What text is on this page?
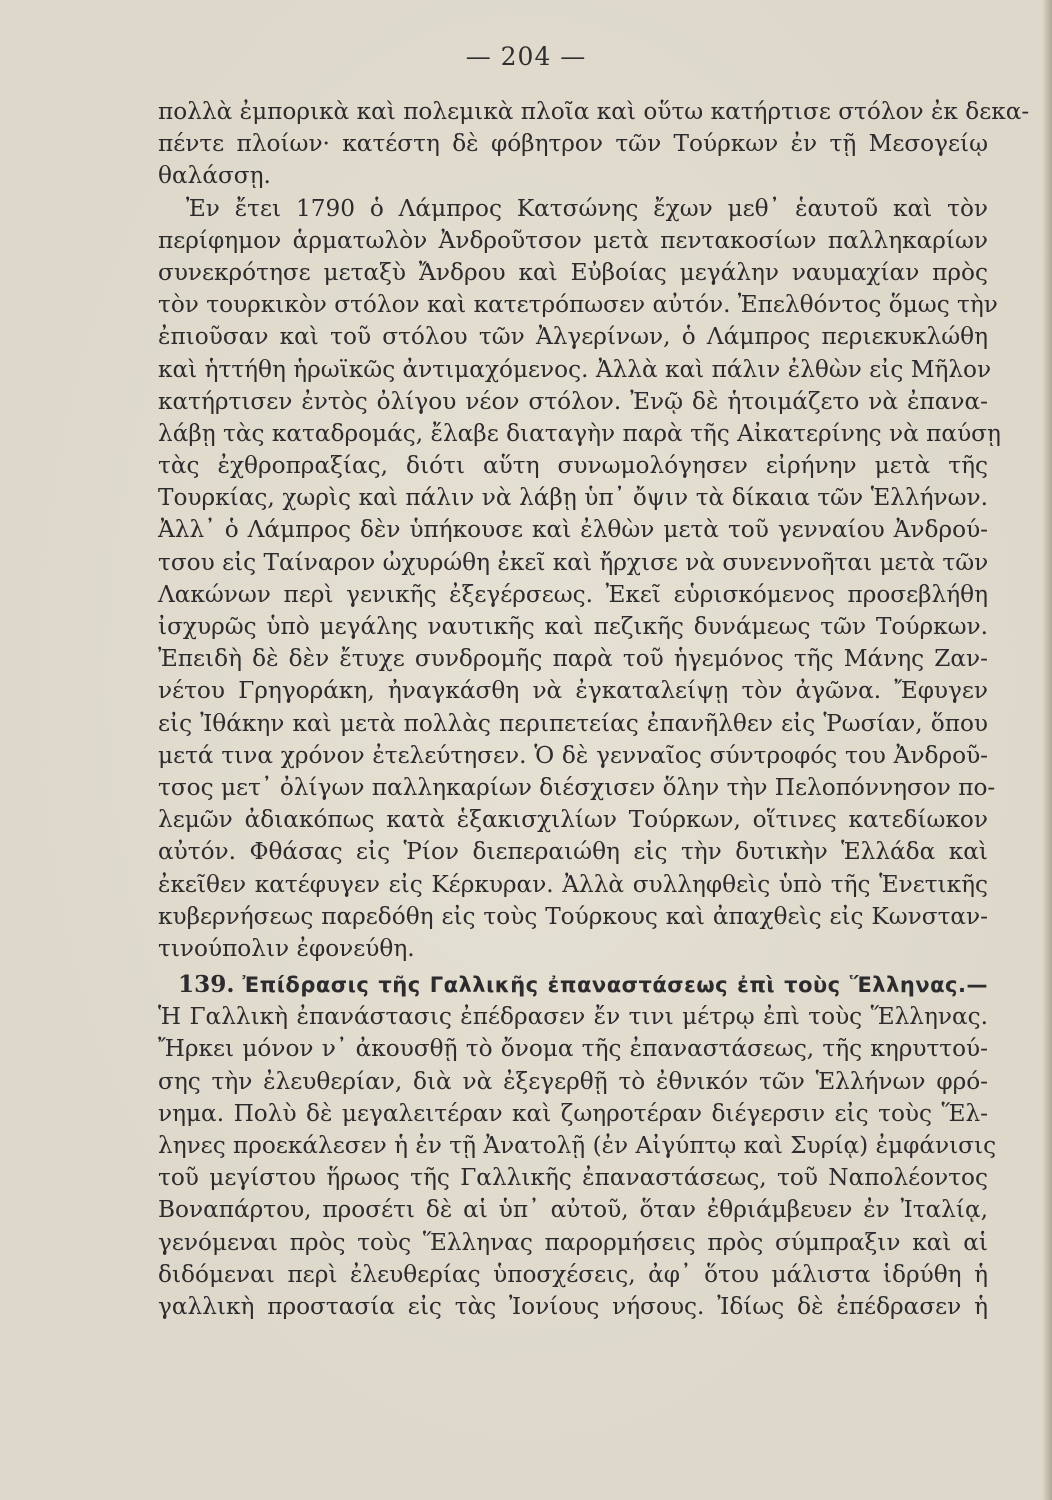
— 204 —
πολλὰ ἐμπορικὰ καὶ πολεμικὰ πλοῖα καὶ οὕτω κατήρτισε στόλον ἐκ δεκα-
πέντε πλοίων· κατέστη δὲ φόβητρον τῶν Τούρκων ἐν τῇ Μεσογείῳ
θαλάσσῃ.
Ἐν ἔτει 1790 ὁ Λάμπρος Κατσώνης ἔχων μεθ᾿ ἑαυτοῦ καὶ τὸν
περίφημον ἁρματωλὸν Ἀνδροῦτσον μετὰ πεντακοσίων παλληκαρίων
συνεκρότησε μεταξὺ Ἄνδρου καὶ Εὐβοίας μεγάλην ναυμαχίαν πρὸς
τὸν τουρκικὸν στόλον καὶ κατετρόπωσεν αὐτόν. Ἐπελθόντος ὅμως τὴν
ἐπιοῦσαν καὶ τοῦ στόλου τῶν Ἀλγερίνων, ὁ Λάμπρος περιεκυκλώθη
καὶ ἡττήθη ἡρωϊκῶς ἀντιμαχόμενος. Ἀλλὰ καὶ πάλιν ἐλθὼν εἰς Μῆλον
κατήρτισεν ἐντὸς ὀλίγου νέον στόλον. Ἐνῷ δὲ ἡτοιμάζετο νὰ ἐπανα-
λάβῃ τὰς καταδρομάς, ἔλαβε διαταγὴν παρὰ τῆς Αἰκατερίνης νὰ παύσῃ
τὰς ἐχθροπραξίας, διότι αὕτη συνωμολόγησεν εἰρήνην μετὰ τῆς
Τουρκίας, χωρὶς καὶ πάλιν νὰ λάβῃ ὑπ᾿ ὄψιν τὰ δίκαια τῶν Ἑλλήνων.
Ἀλλ᾿ ὁ Λάμπρος δὲν ὑπήκουσε καὶ ἐλθὼν μετὰ τοῦ γενναίου Ἀνδρού-
τσου εἰς Ταίναρον ὠχυρώθη ἐκεῖ καὶ ἤρχισε νὰ συνεννοῆται μετὰ τῶν
Λακώνων περὶ γενικῆς ἐξεγέρσεως. Ἐκεῖ εὑρισκόμενος προσεβλήθη
ἰσχυρῶς ὑπὸ μεγάλης ναυτικῆς καὶ πεζικῆς δυνάμεως τῶν Τούρκων.
Ἐπειδὴ δὲ δὲν ἔτυχε συνδρομῆς παρὰ τοῦ ἡγεμόνος τῆς Μάνης Ζαν-
νέτου Γρηγοράκη, ἠναγκάσθη νὰ ἐγκαταλείψῃ τὸν ἀγῶνα. Ἔφυγεν
εἰς Ἰθάκην καὶ μετὰ πολλὰς περιπετείας ἐπανῆλθεν εἰς Ῥωσίαν, ὅπου
μετά τινα χρόνον ἐτελεύτησεν. Ὁ δὲ γενναῖος σύντροφός του Ἀνδροῦ-
τσος μετ᾿ ὀλίγων παλληκαρίων διέσχισεν ὅλην τὴν Πελοπόννησον πο-
λεμῶν ἀδιακόπως κατὰ ἑξακισχιλίων Τούρκων, οἵτινες κατεδίωκον
αὐτόν. Φθάσας εἰς Ῥίον διεπεραιώθη εἰς τὴν δυτικὴν Ἑλλάδα καὶ
ἐκεῖθεν κατέφυγεν εἰς Κέρκυραν. Ἀλλὰ συλληφθεὶς ὑπὸ τῆς Ἑνετικῆς
κυβερνήσεως παρεδόθη εἰς τοὺς Τούρκους καὶ ἀπαχθεὶς εἰς Κωνσταν-
τινούπολιν ἐφονεύθη.
139. Ἐπίδρασις τῆς Γαλλικῆς ἐπαναστάσεως ἐπὶ τοὺς Ἕλληνας.—
Ἡ Γαλλικὴ ἐπανάστασις ἐπέδρασεν ἔν τινι μέτρῳ ἐπὶ τοὺς Ἕλληνας.
Ἤρκει μόνον ν᾿ ἀκουσθῇ τὸ ὄνομα τῆς ἐπαναστάσεως, τῆς κηρυττού-
σης τὴν ἐλευθερίαν, διὰ νὰ ἐξεγερθῇ τὸ ἐθνικόν τῶν Ἑλλήνων φρό-
νημα. Πολὺ δὲ μεγαλειτέραν καὶ ζωηροτέραν διέγερσιν εἰς τοὺς Ἕλ-
ληνες προεκάλεσεν ἡ ἐν τῇ Ἀνατολῇ (ἐν Αἰγύπτῳ καὶ Συρίᾳ) ἐμφάνισις
τοῦ μεγίστου ἥρωος τῆς Γαλλικῆς ἐπαναστάσεως, τοῦ Ναπολέοντος
Βοναπάρτου, προσέτι δὲ αἱ ὑπ᾿ αὐτοῦ, ὅταν ἐθριάμβευεν ἐν Ἰταλίᾳ,
γενόμεναι πρὸς τοὺς Ἕλληνας παρορμήσεις πρὸς σύμπραξιν καὶ αἱ
διδόμεναι περὶ ἐλευθερίας ὑποσχέσεις, ἀφ᾿ ὅτου μάλιστα ἱδρύθη ἡ
γαλλικὴ προστασία εἰς τὰς Ἰονίους νήσους. Ἰδίως δὲ ἐπέδρασεν ἡ
